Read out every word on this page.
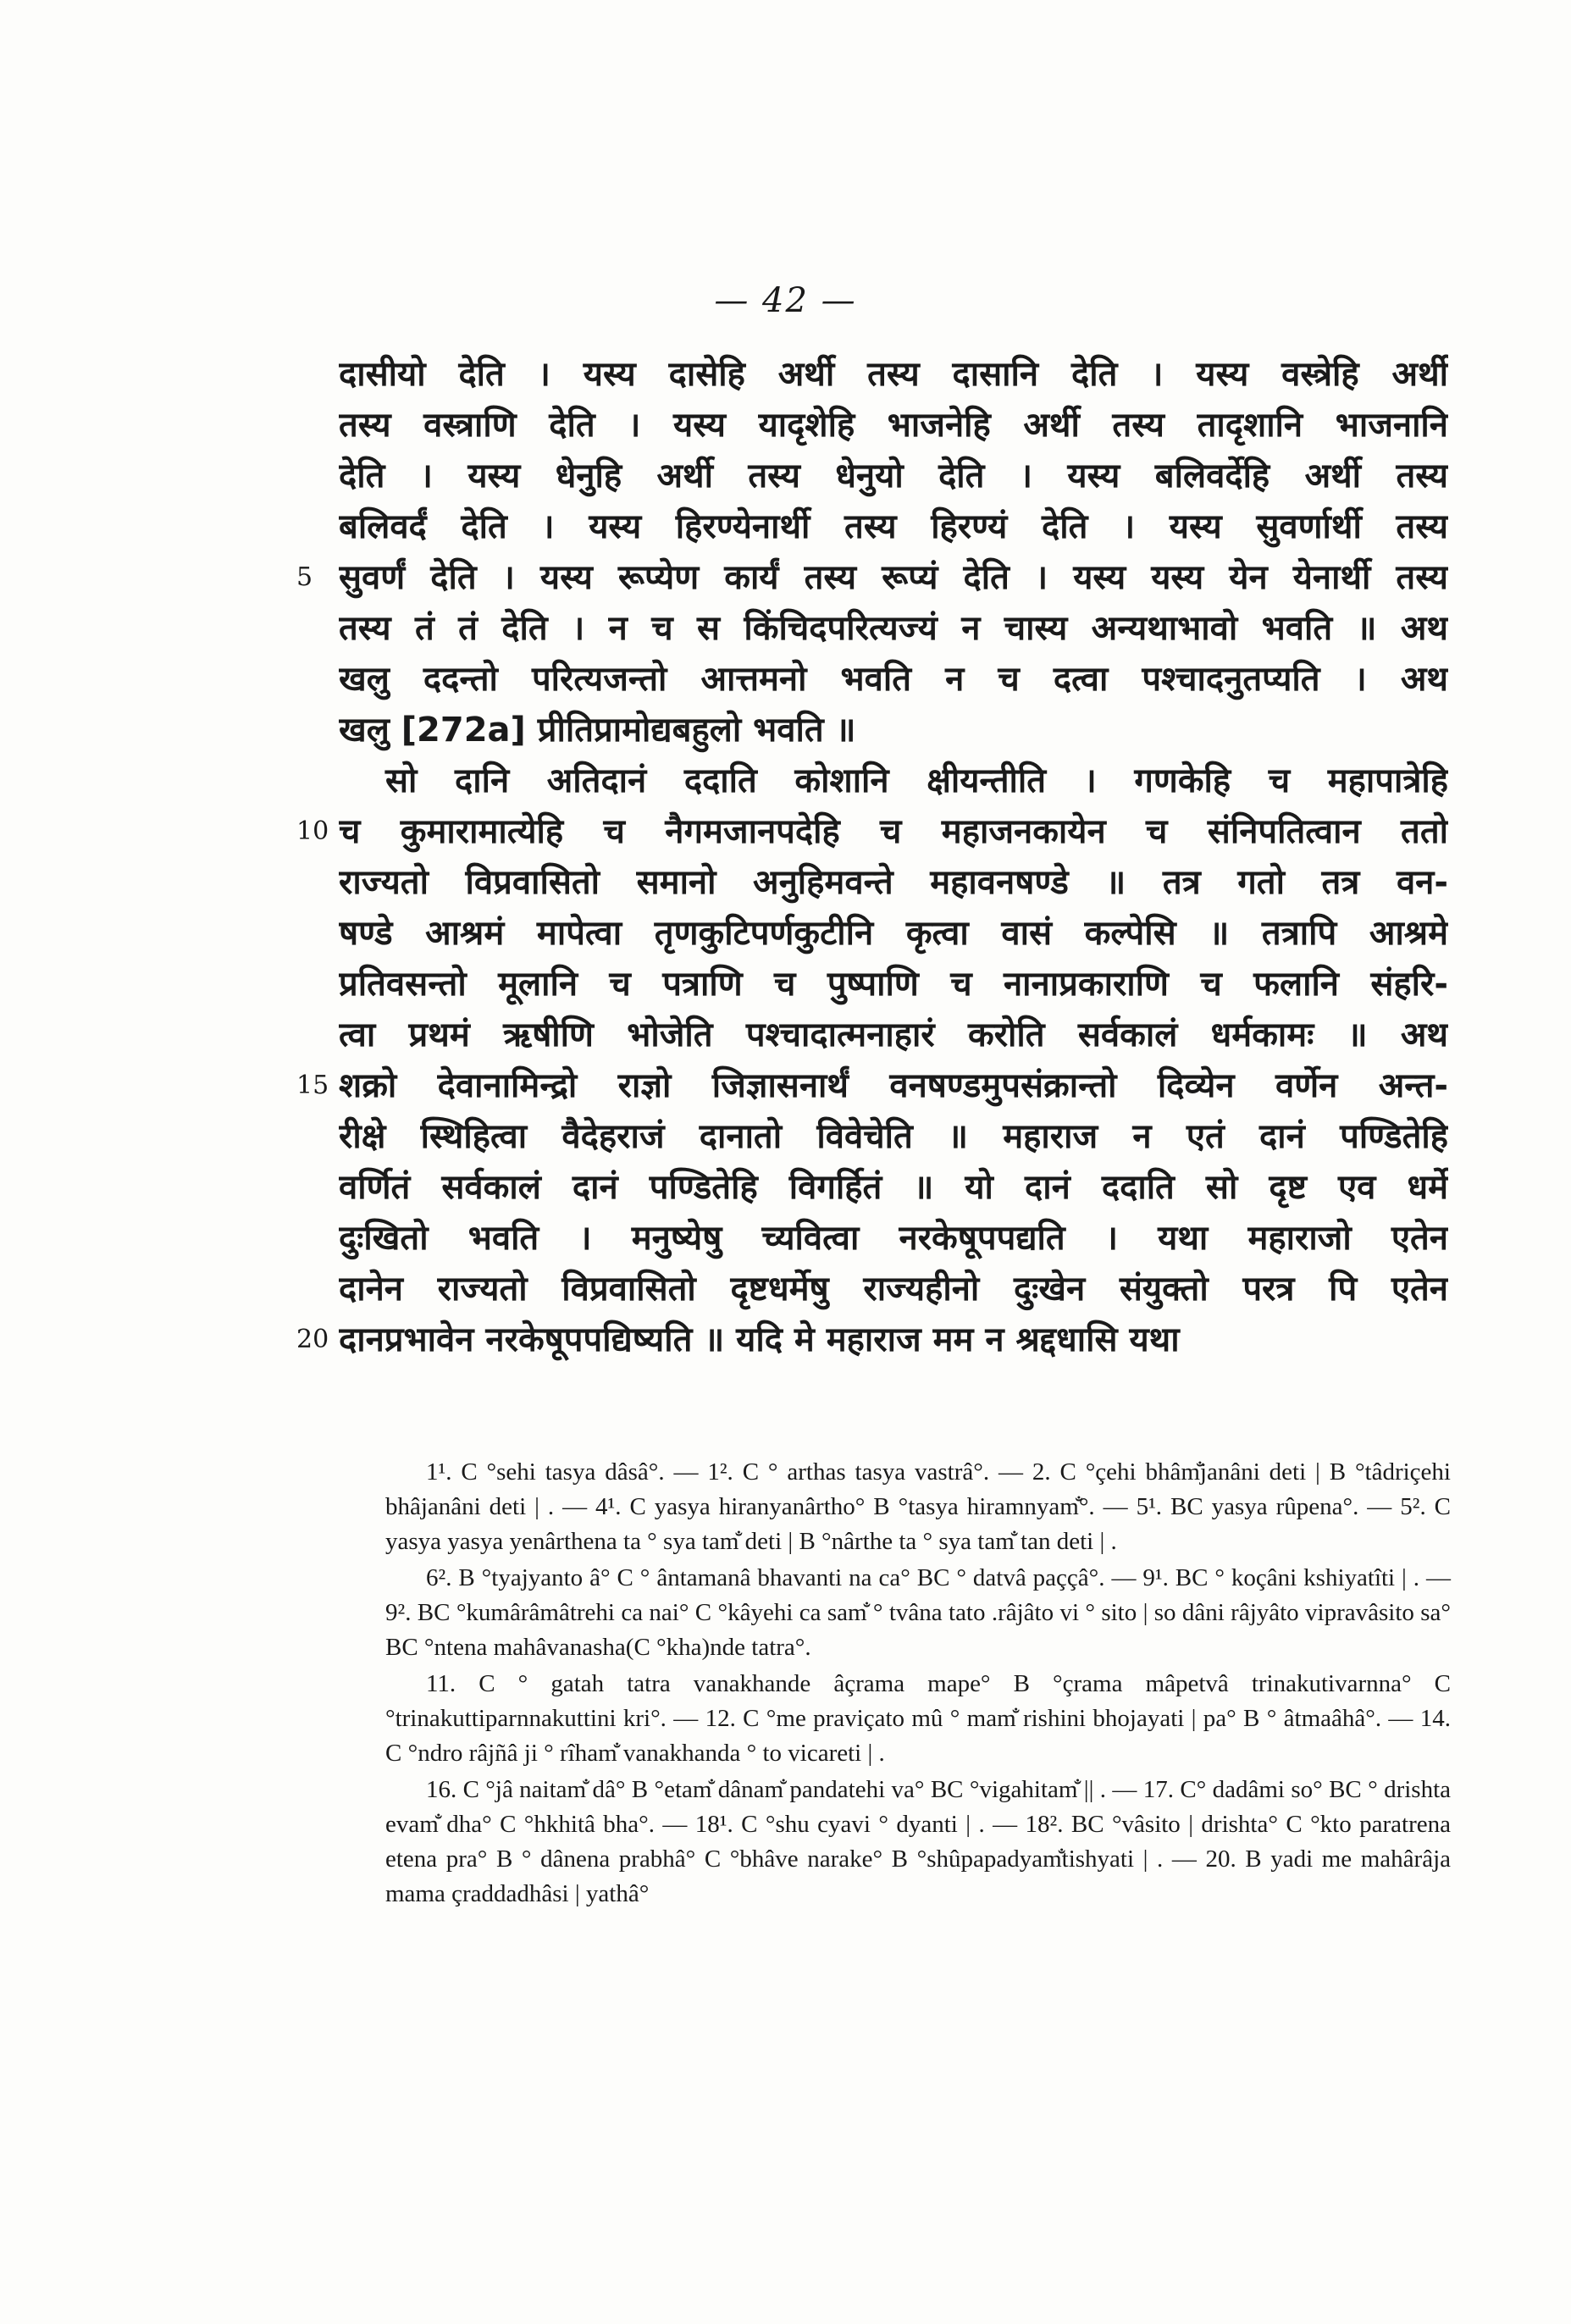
— 42 —
दासीयो देति । यस्य दासेहि अर्थी तस्य दासानि देति । यस्य वस्त्रेहि अर्थी
तस्य वस्त्राणि देति । यस्य यादृशेहि भाजनेहि अर्थी तस्य तादृशानि भाजनानि
देति । यस्य धेनुहि अर्थी तस्य धेनुयो देति । यस्य बलिवर्देहि अर्थी तस्य
बलिवर्दं देति । यस्य हिरण्येनार्थी तस्य हिरण्यं देति । यस्य सुवर्णार्थी तस्य
सुवर्णं देति । यस्य रूप्येण कार्यं तस्य रूप्यं देति । यस्य यस्य येन येनार्थी तस्य
तस्य तं तं देति । न च स किंचिदपरित्यज्यं न चास्य अन्यथाभावो भवति ॥ अथ
खलु ददन्तो परित्यजन्तो आत्तमनो भवति न च दत्वा पश्चादनुतप्यति । अथ
खलु [272a] प्रीतिप्रामोद्यबहुलो भवति ॥
सो दानि अतिदानं ददाति कोशानि क्षीयन्तीति । गणकेहि च महापात्रेहि
च कुमारामात्येहि च नैगमजानपदेहि च महाजनकायेन च संनिपतित्वान ततो
राज्यतो विप्रवासितो समानो अनुहिमवन्ते महावनषण्डे ॥ तत्र गतो तत्र वन-
षण्डे आश्रमं मापेत्वा तृणकुटिपर्णकुटीनि कृत्वा वासं कल्पेसि ॥ तत्रापि आश्रमे
प्रतिवसन्तो मूलानि च पत्राणि च पुष्पाणि च नानाप्रकाराणि च फलानि संहरि-
त्वा प्रथमं ऋषीणि भोजेति पश्चादात्मनाहारं करोति सर्वकालं धर्मकामः ॥ अथ
शक्रो देवानामिन्द्रो राज्ञो जिज्ञासनार्थं वनषण्डमुपसंक्रान्तो दिव्येन वर्णेन अन्त-
रीक्षे स्थिहित्वा वैदेहराजं दानातो विवेचेति ॥ महाराज न एतं दानं पण्डितेहि
वर्णितं सर्वकालं दानं पण्डितेहि विगर्हितं ॥ यो दानं ददाति सो दृष्ट एव धर्मे
दुःखितो भवति । मनुष्येषु च्यवित्वा नरकेषूपपद्यति । यथा महाराजो एतेन
दानेन राज्यतो विप्रवासितो दृष्टधर्मेषु राज्यहीनो दुःखेन संयुक्तो परत्र पि एतेन
दानप्रभावेन नरकेषूपपद्यिष्यति ॥ यदि मे महाराज मम न श्रद्दधासि यथा
5
10
15
20

1¹. C °sehi tasya dâsâ°. — 1². C ° arthas tasya vastrâ°. — 2. C °çehi bhâm̐janâni deti | B °tâdriçehi bhâjanâni deti | . — 4¹. C yasya hiranyanârtho° B °tasya hiramnyam̐°. — 5¹. BC yasya rûpena°. — 5². C yasya yasya yenârthena ta ° sya tam̐ deti | B °nârthe ta ° sya tam̐ tan deti | .

6². B °tyajyanto â° C ° ântamanâ bhavanti na ca° BC ° datvâ paççâ°. — 9¹. BC ° koçâni kshiyatîti | . — 9². BC °kumârâmâtrehi ca nai° C °kâyehi ca sam̐ ° tvâna tato .râjâto vi ° sito | so dâni râjyâto vipravâsito sa° BC °ntena mahâvanasha(C °kha)nde tatra°.

11. C ° gatah tatra vanakhande âçrama mape° B °çrama mâpetvâ trinakutivarnna° C °trinakuttiparnnakuttini kri°. — 12. C °me praviçato mû ° mam̐ rishini bhojayati | pa° B ° âtmaâhâ°. — 14. C °ndro râjñâ ji ° rîham̐ vanakhanda ° to vicareti | .

16. C °jâ naitam̐ dâ° B °etam̐ dânam̐ pandatehi va° BC °vigahitam̐ || . — 17. C° dadâmi so° BC ° drishta evam̐ dha° C °hkhitâ bha°. — 18¹. C °shu cyavi ° dyanti | . — 18². BC °vâsito | drishta° C °kto paratrena etena pra° B ° dânena prabhâ° C °bhâve narake° B °shûpapadyam̐tishyati | . — 20. B yadi me mahârâja mama çraddadhâsi | yathâ°
